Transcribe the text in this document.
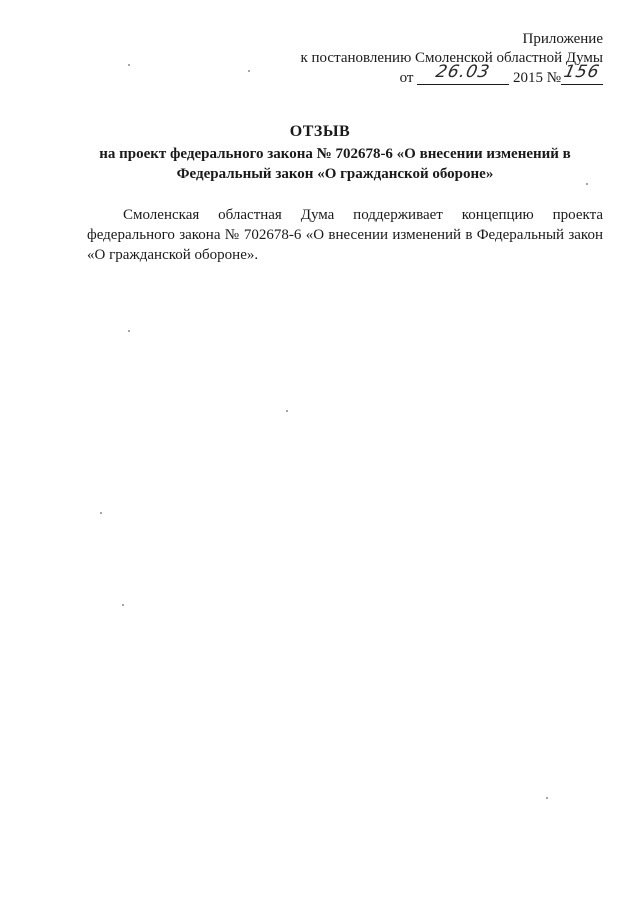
Приложение
к постановлению Смоленской областной Думы
от 26.03 2015 №156
ОТЗЫВ
на проект федерального закона № 702678-6 «О внесении изменений в Федеральный закон «О гражданской обороне»
Смоленская областная Дума поддерживает концепцию проекта федерального закона № 702678-6 «О внесении изменений в Федеральный закон «О гражданской обороне».
